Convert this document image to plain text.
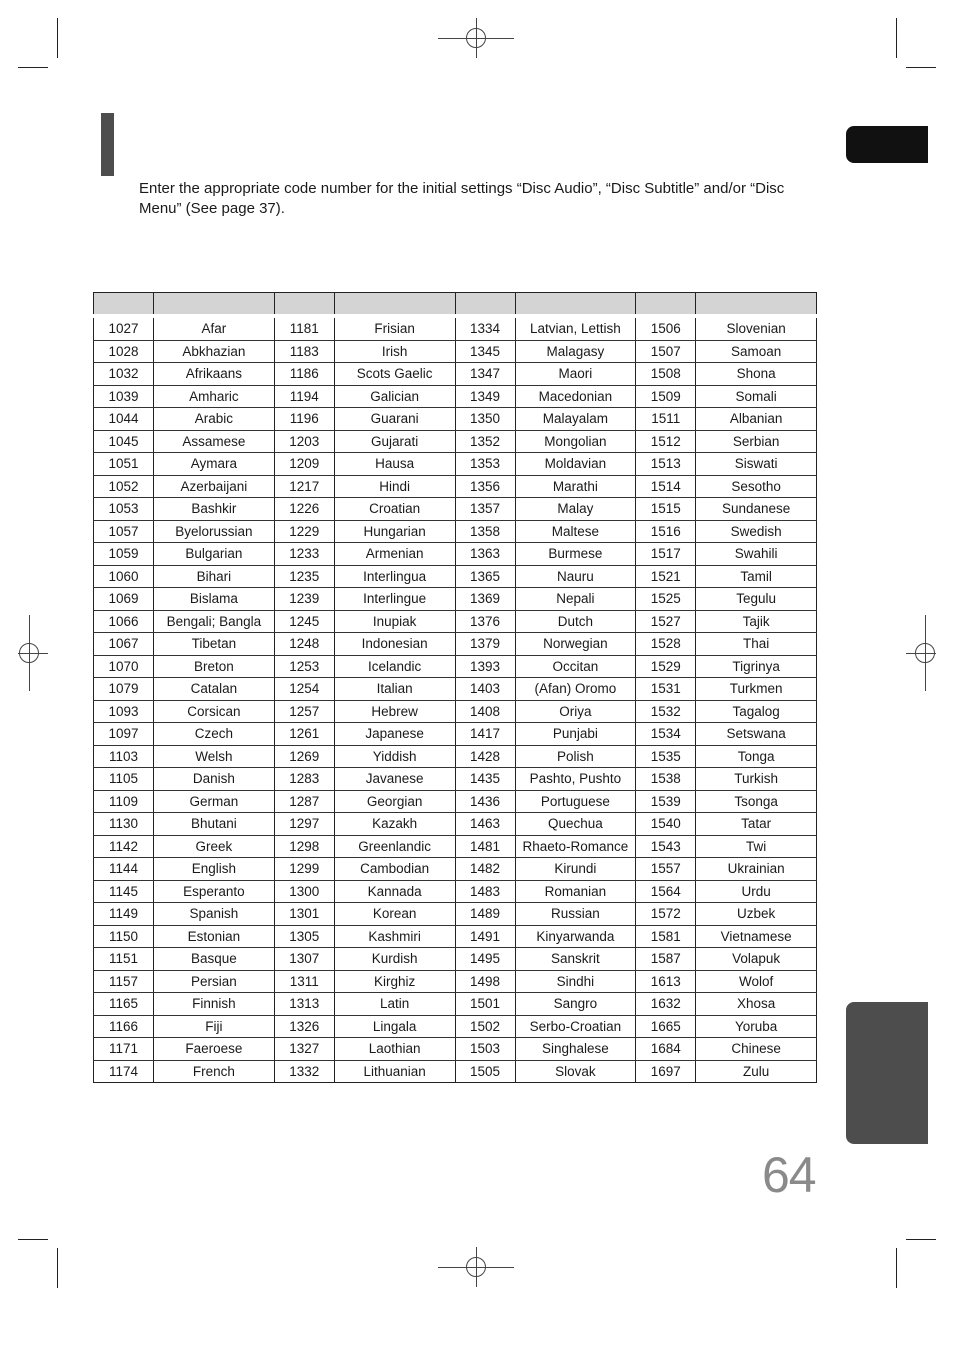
Enter the appropriate code number for the initial settings “Disc Audio”, “Disc Subtitle” and/or “Disc Menu” (See page 37).

1027	Afar	1181	Frisian	1334	Latvian, Lettish	1506	Slovenian
1028	Abkhazian	1183	Irish	1345	Malagasy	1507	Samoan
1032	Afrikaans	1186	Scots Gaelic	1347	Maori	1508	Shona
1039	Amharic	1194	Galician	1349	Macedonian	1509	Somali
1044	Arabic	1196	Guarani	1350	Malayalam	1511	Albanian
1045	Assamese	1203	Gujarati	1352	Mongolian	1512	Serbian
1051	Aymara	1209	Hausa	1353	Moldavian	1513	Siswati
1052	Azerbaijani	1217	Hindi	1356	Marathi	1514	Sesotho
1053	Bashkir	1226	Croatian	1357	Malay	1515	Sundanese
1057	Byelorussian	1229	Hungarian	1358	Maltese	1516	Swedish
1059	Bulgarian	1233	Armenian	1363	Burmese	1517	Swahili
1060	Bihari	1235	Interlingua	1365	Nauru	1521	Tamil
1069	Bislama	1239	Interlingue	1369	Nepali	1525	Tegulu
1066	Bengali; Bangla	1245	Inupiak	1376	Dutch	1527	Tajik
1067	Tibetan	1248	Indonesian	1379	Norwegian	1528	Thai
1070	Breton	1253	Icelandic	1393	Occitan	1529	Tigrinya
1079	Catalan	1254	Italian	1403	(Afan) Oromo	1531	Turkmen
1093	Corsican	1257	Hebrew	1408	Oriya	1532	Tagalog
1097	Czech	1261	Japanese	1417	Punjabi	1534	Setswana
1103	Welsh	1269	Yiddish	1428	Polish	1535	Tonga
1105	Danish	1283	Javanese	1435	Pashto, Pushto	1538	Turkish
1109	German	1287	Georgian	1436	Portuguese	1539	Tsonga
1130	Bhutani	1297	Kazakh	1463	Quechua	1540	Tatar
1142	Greek	1298	Greenlandic	1481	Rhaeto-Romance	1543	Twi
1144	English	1299	Cambodian	1482	Kirundi	1557	Ukrainian
1145	Esperanto	1300	Kannada	1483	Romanian	1564	Urdu
1149	Spanish	1301	Korean	1489	Russian	1572	Uzbek
1150	Estonian	1305	Kashmiri	1491	Kinyarwanda	1581	Vietnamese
1151	Basque	1307	Kurdish	1495	Sanskrit	1587	Volapuk
1157	Persian	1311	Kirghiz	1498	Sindhi	1613	Wolof
1165	Finnish	1313	Latin	1501	Sangro	1632	Xhosa
1166	Fiji	1326	Lingala	1502	Serbo-Croatian	1665	Yoruba
1171	Faeroese	1327	Laothian	1503	Singhalese	1684	Chinese
1174	French	1332	Lithuanian	1505	Slovak	1697	Zulu
64
